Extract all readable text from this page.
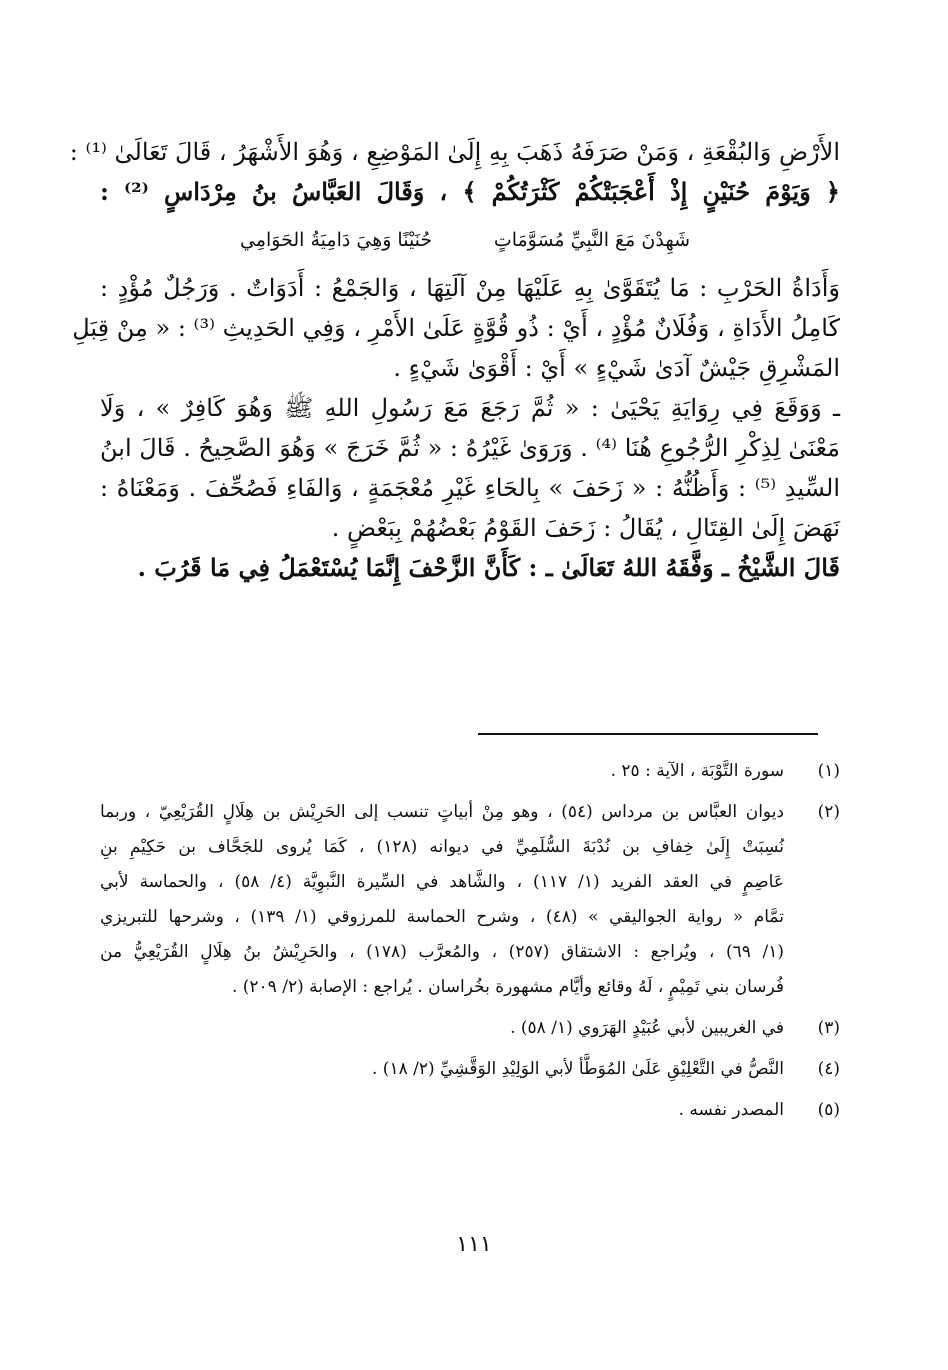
الأَرْضِ وَالبُقْعَةِ ، وَمَنْ صَرَفَهُ ذَهَبَ بِهِ إِلَىٰ المَوْضِعِ ، وَهُوَ الأَشْهَرُ ، قَالَ تَعَالَىٰ ⁽¹⁾ :
﴿ وَيَوْمَ حُنَيْنٍ إِذْ أَعْجَبَتْكُمْ كَثْرَتُكُمْ ﴾ ، وَقَالَ العَبَّاسُ بنُ مِرْدَاسٍ ⁽²⁾ :
شَهِدْنَ مَعَ النَّبِيِّ مُسَوَّمَاتٍ
حُنَيْنًا وَهِيَ دَامِيَةُ الحَوَامِي
وَأَدَاةُ الحَرْبِ : مَا يُتَقَوَّىٰ بِهِ عَلَيْهَا مِنْ آلَتِهَا ، وَالجَمْعُ : أَدَوَاتٌ . وَرَجُلٌ مُؤْدٍ :
كَامِلُ الأَدَاةِ ، وَفُلَانٌ مُؤْدٍ ، أَيْ : ذُو قُوَّةٍ عَلَىٰ الأَمْرِ ، وَفِي الحَدِيثِ ⁽³⁾ : « مِنْ قِبَلِ
المَشْرِقِ جَيْشٌ آدَىٰ شَيْءٍ » أَيْ : أَقْوَىٰ شَيْءٍ .
ـ وَوَقَعَ فِي رِوَايَةِ يَحْيَىٰ : « ثُمَّ رَجَعَ مَعَ رَسُولِ اللهِ ﷺ وَهُوَ كَافِرٌ » ، وَلَا
مَعْنَىٰ لِذِكْرِ الرُّجُوعِ هُنَا ⁽⁴⁾ . وَرَوَىٰ غَيْرُهُ : « ثُمَّ خَرَجَ » وَهُوَ الصَّحِيحُ . قَالَ ابنُ
السِّيدِ ⁽⁵⁾ : وَأَظُنُّهُ : « زَحَفَ » بِالحَاءِ غَيْرِ مُعْجَمَةٍ ، وَالفَاءِ فَصُحِّفَ . وَمَعْنَاهُ :
نَهَضَ إِلَىٰ القِتَالِ ، يُقَالُ : زَحَفَ القَوْمُ بَعْضُهُمْ بِبَعْضٍ .
قَالَ الشَّيْخُ ـ وَفَّقَهُ اللهُ تَعَالَىٰ ـ : كَأَنَّ الزَّحْفَ إِنَّمَا يُسْتَعْمَلُ فِي مَا قَرُبَ .
(١)
سورة التَّوْبَة ، الآية : ٢٥ .
(٢)
ديوان العبَّاس بن مرداس (٥٤) ، وهو مِنْ أبياتٍ تنسب إلى الحَرِيْش بن هِلَالٍ القُرَيْعِيّ ، وربما
نُسِبَتْ إِلَىٰ خِفافِ بن نُدْبَةَ السُّلَمِيِّ في ديوانه (١٢٨) ، كَمَا يُروى للجَحَّاف بن حَكِيْمِ بنِ
عَاصِمٍ في العقد الفريد (١/ ١١٧) ، والشَّاهد في السِّيرة النَّبوِيَّة (٤/ ٥٨) ، والحماسة لأبي
تمَّام « رواية الجواليقي » (٤٨) ، وشرح الحماسة للمرزوقي (١/ ١٣٩) ، وشرحها للتبريزي
(١/ ٦٩) ، ويُراجع : الاشتقاق (٢٥٧) ، والمُعرَّب (١٧٨) ، والحَرِيْشُ بنُ هِلَالٍ القُرَيْعِيُّ من
فُرسان بني تَمِيْمٍ ، لَهُ وقائع وأيَّام مشهورة بخُراسان . يُراجع : الإصابة (٢/ ٢٠٩) .
(٣)
في الغريبين لأبي عُبَيْدٍ الهَرَوي (١/ ٥٨) .
(٤)
النَّصُّ في التَّعْلِيْقِ عَلَىٰ المُوَطَّأ لأبي الوَلِيْدِ الوَقَّشِيِّ (٢/ ١٨) .
(٥)
المصدر نفسه .
١١١
